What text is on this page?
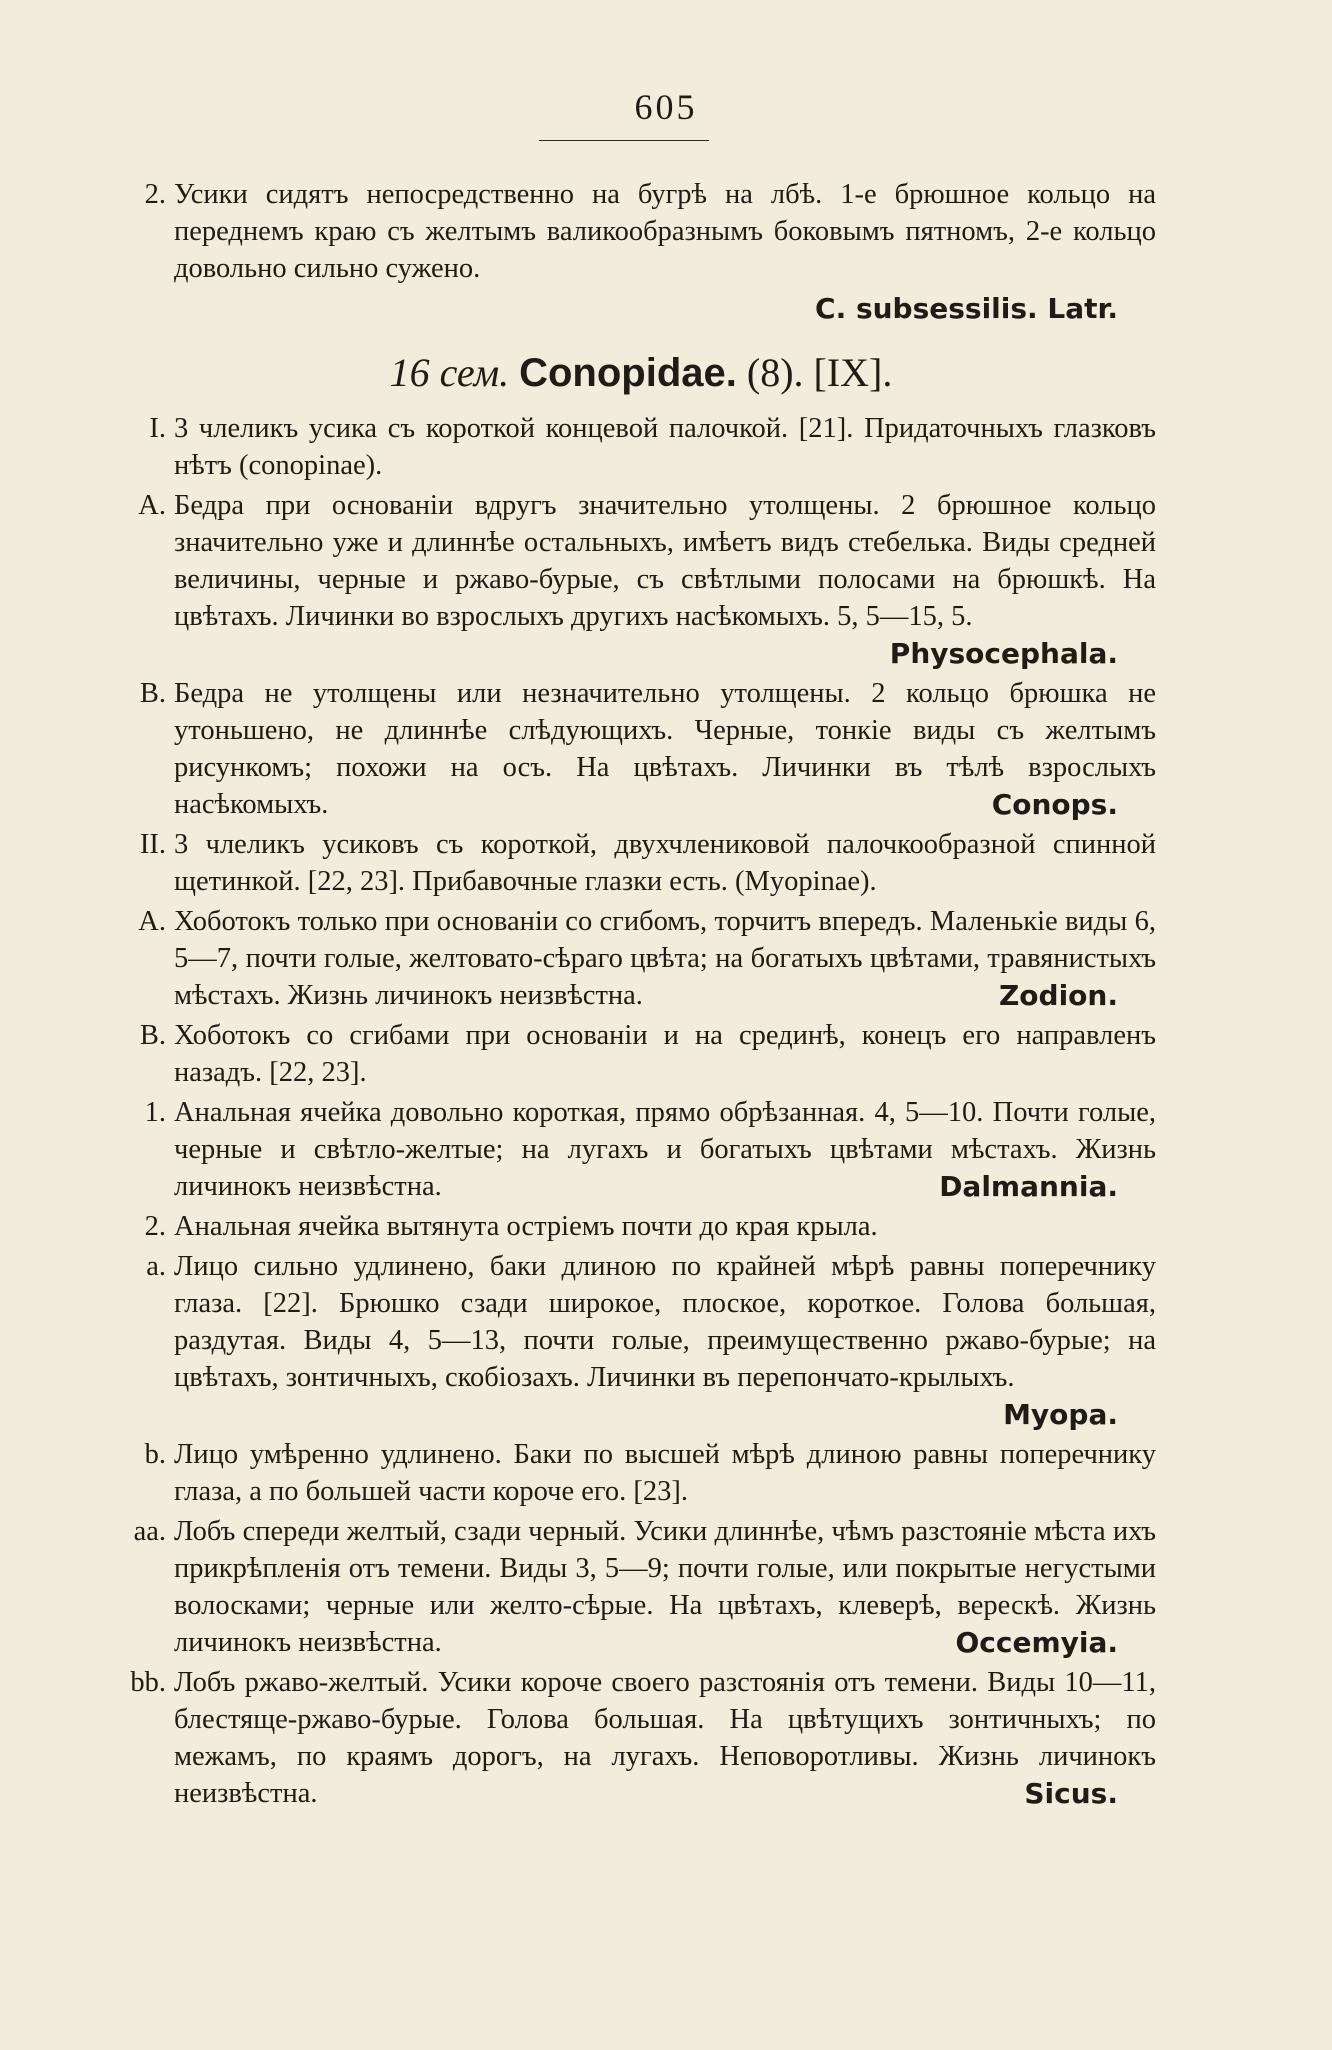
605
2. Усики сидятъ непосредственно на бугрѣ на лбѣ. 1-е брюшное кольцо на переднемъ краю съ желтымъ валикообразнымъ боковымъ пятномъ, 2-е кольцо довольно сильно сужено.
C. subsessilis. Latr.
16 сем. Conopidae. (8). [IX].
I. 3 члеликъ усика съ короткой концевой палочкой. [21]. Придаточныхъ глазковъ нѣтъ (conopinae).
A. Бедра при основанiи вдругъ значительно утолщены. 2 брюшное кольцо значительно уже и длиннѣе остальныхъ, имѣетъ видъ стебелька. Виды средней величины, черные и ржаво-бурые, съ свѣтлыми полосами на брюшкѣ. На цвѣтахъ. Личинки во взрослыхъ другихъ насѣкомыхъ. 5, 5—15, 5.
Physocephala.
B. Бедра не утолщены или незначительно утолщены. 2 кольцо брюшка не утоньшено, не длиннѣе слѣдующихъ. Черные, тонкiе виды съ желтымъ рисункомъ; похожи на осъ. На цвѣтахъ. Личинки въ тѣлѣ взрослыхъ насѣкомыхъ.	Conops.
II. 3 члеликъ усиковъ съ короткой, двухчлениковой палочкообразной спинной щетинкой. [22, 23]. Прибавочные глазки есть. (Myopinae).
A. Хоботокъ только при основанiи со сгибомъ, торчитъ впередъ. Маленькiе виды 6, 5—7, почти голые, желтовато-сѣраго цвѣта; на богатыхъ цвѣтами, травянистыхъ мѣстахъ. Жизнь личинокъ неизвѣстна.	Zodion.
B. Хоботокъ со сгибами при основанiи и на срединѣ, конецъ его направленъ назадъ. [22, 23].
1. Анальная ячейка довольно короткая, прямо обрѣзанная. 4, 5—10. Почти голые, черные и свѣтло-желтые; на лугахъ и богатыхъ цвѣтами мѣстахъ. Жизнь личинокъ неизвѣстна.	Dalmannia.
2. Анальная ячейка вытянута остріемъ почти до края крыла.
a. Лицо сильно удлинено, баки длиною по крайней мѣрѣ равны поперечнику глаза. [22]. Брюшко сзади широкое, плоское, короткое. Голова большая, раздутая. Виды 4, 5—13, почти голые, преимущественно ржаво-бурые; на цвѣтахъ, зонтичныхъ, скобiозахъ. Личинки въ перепончато-крылыхъ.
Myopa.
b. Лицо умѣренно удлинено. Баки по высшей мѣрѣ длиною равны поперечнику глаза, а по большей части короче его. [23].
aa. Лобъ спереди желтый, сзади черный. Усики длиннѣе, чѣмъ разстоянiе мѣста ихъ прикрѣпленiя отъ темени. Виды 3, 5—9; почти голые, или покрытые негустыми волосками; черные или желто-сѣрые. На цвѣтахъ, клеверѣ, верескѣ. Жизнь личинокъ неизвѣстна.	Occemyia.
bb. Лобъ ржаво-желтый. Усики короче своего разстоянiя отъ темени. Виды 10—11, блестяще-ржаво-бурые. Голова большая. На цвѣтущихъ зонтичныхъ; по межамъ, по краямъ дорогъ, на лугахъ. Неповоротливы. Жизнь личинокъ неизвѣстна.	Sicus.
